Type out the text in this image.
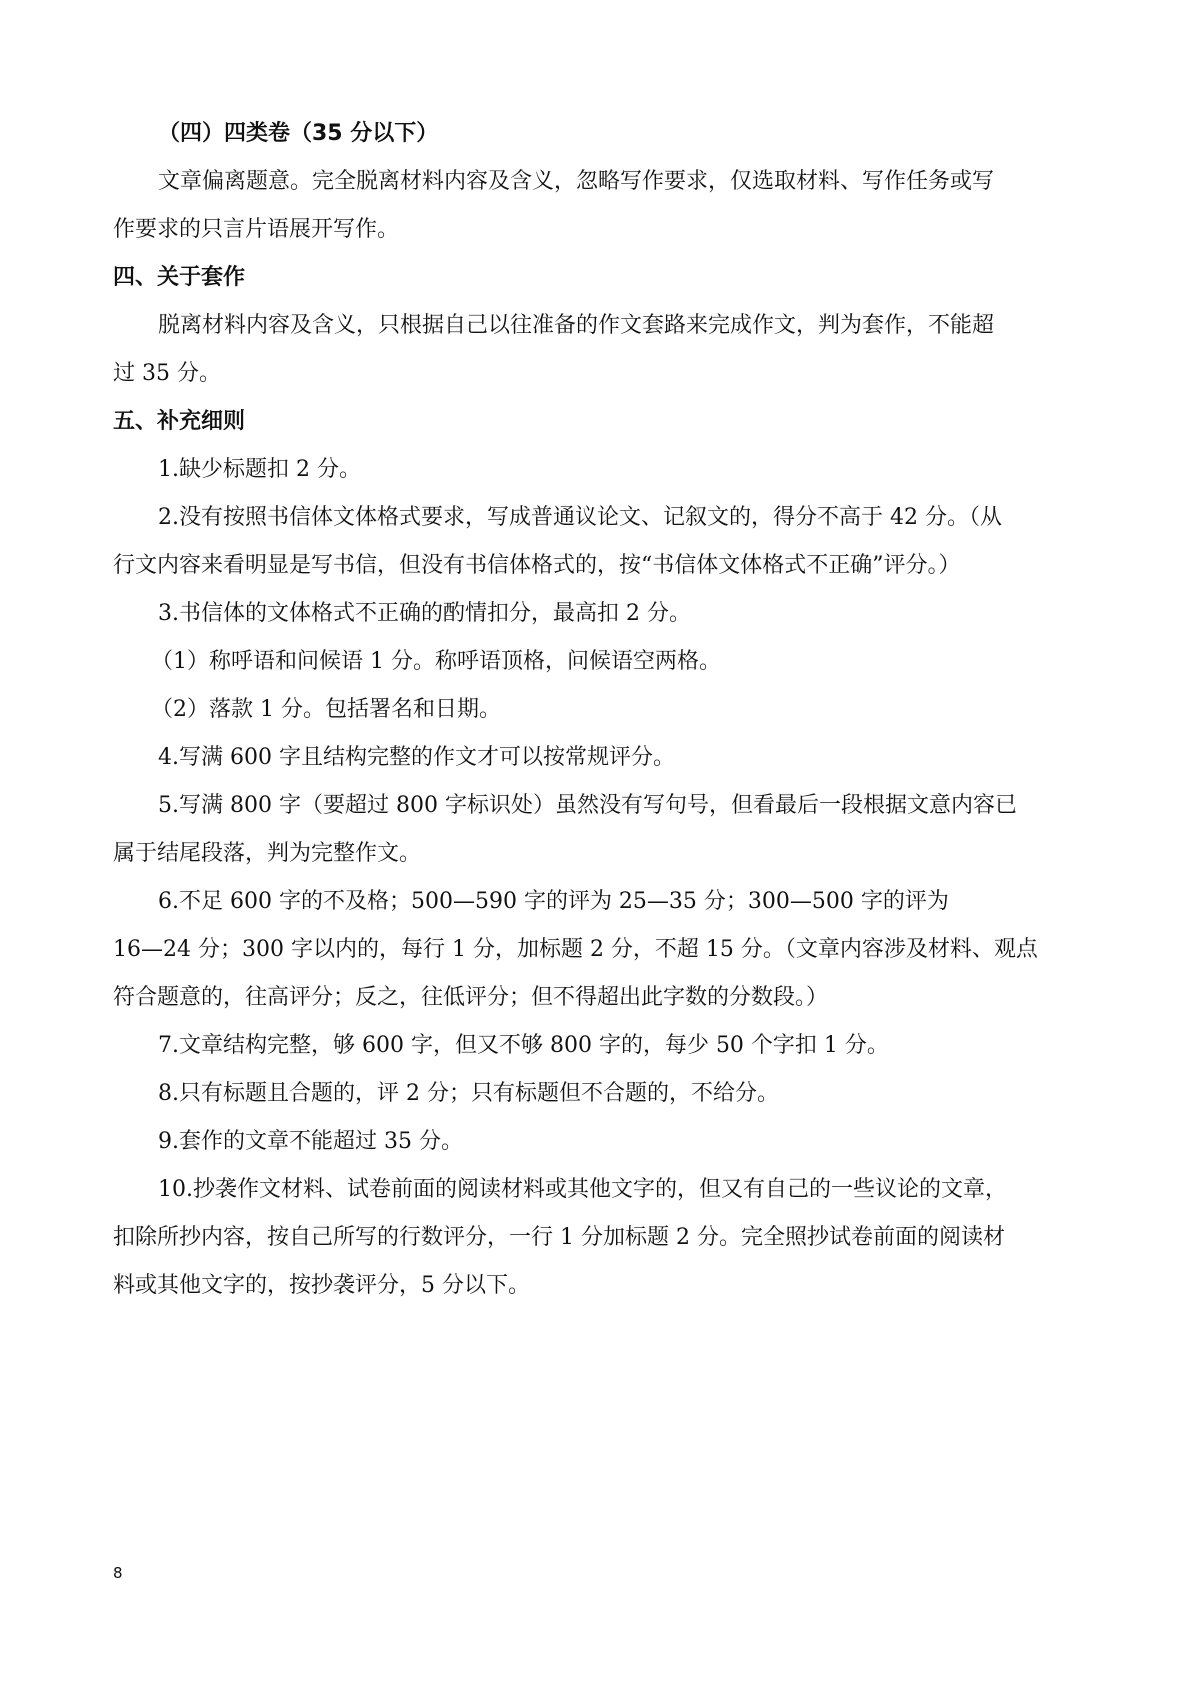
（四）四类卷（35 分以下）

文章偏离题意。完全脱离材料内容及含义，忽略写作要求，仅选取材料、写作任务或写

作要求的只言片语展开写作。

四、关于套作

脱离材料内容及含义，只根据自己以往准备的作文套路来完成作文，判为套作，不能超

过 35 分。

五、补充细则

1.缺少标题扣 2 分。

2.没有按照书信体文体格式要求，写成普通议论文、记叙文的，得分不高于 42 分。（从

行文内容来看明显是写书信，但没有书信体格式的，按“书信体文体格式不正确”评分。）

3.书信体的文体格式不正确的酌情扣分，最高扣 2 分。

（1）称呼语和问候语 1 分。称呼语顶格，问候语空两格。

（2）落款 1 分。包括署名和日期。

4.写满 600 字且结构完整的作文才可以按常规评分。

5.写满 800 字（要超过 800 字标识处）虽然没有写句号，但看最后一段根据文意内容已

属于结尾段落，判为完整作文。

6.不足 600 字的不及格；500—590 字的评为 25—35 分；300—500 字的评为

16—24 分；300 字以内的，每行 1 分，加标题 2 分，不超 15 分。（文章内容涉及材料、观点

符合题意的，往高评分；反之，往低评分；但不得超出此字数的分数段。）

7.文章结构完整，够 600 字，但又不够 800 字的，每少 50 个字扣 1 分。

8.只有标题且合题的，评 2 分；只有标题但不合题的，不给分。

9.套作的文章不能超过 35 分。

10.抄袭作文材料、试卷前面的阅读材料或其他文字的，但又有自己的一些议论的文章，

扣除所抄内容，按自己所写的行数评分，一行 1 分加标题 2 分。完全照抄试卷前面的阅读材

料或其他文字的，按抄袭评分，5 分以下。

8
